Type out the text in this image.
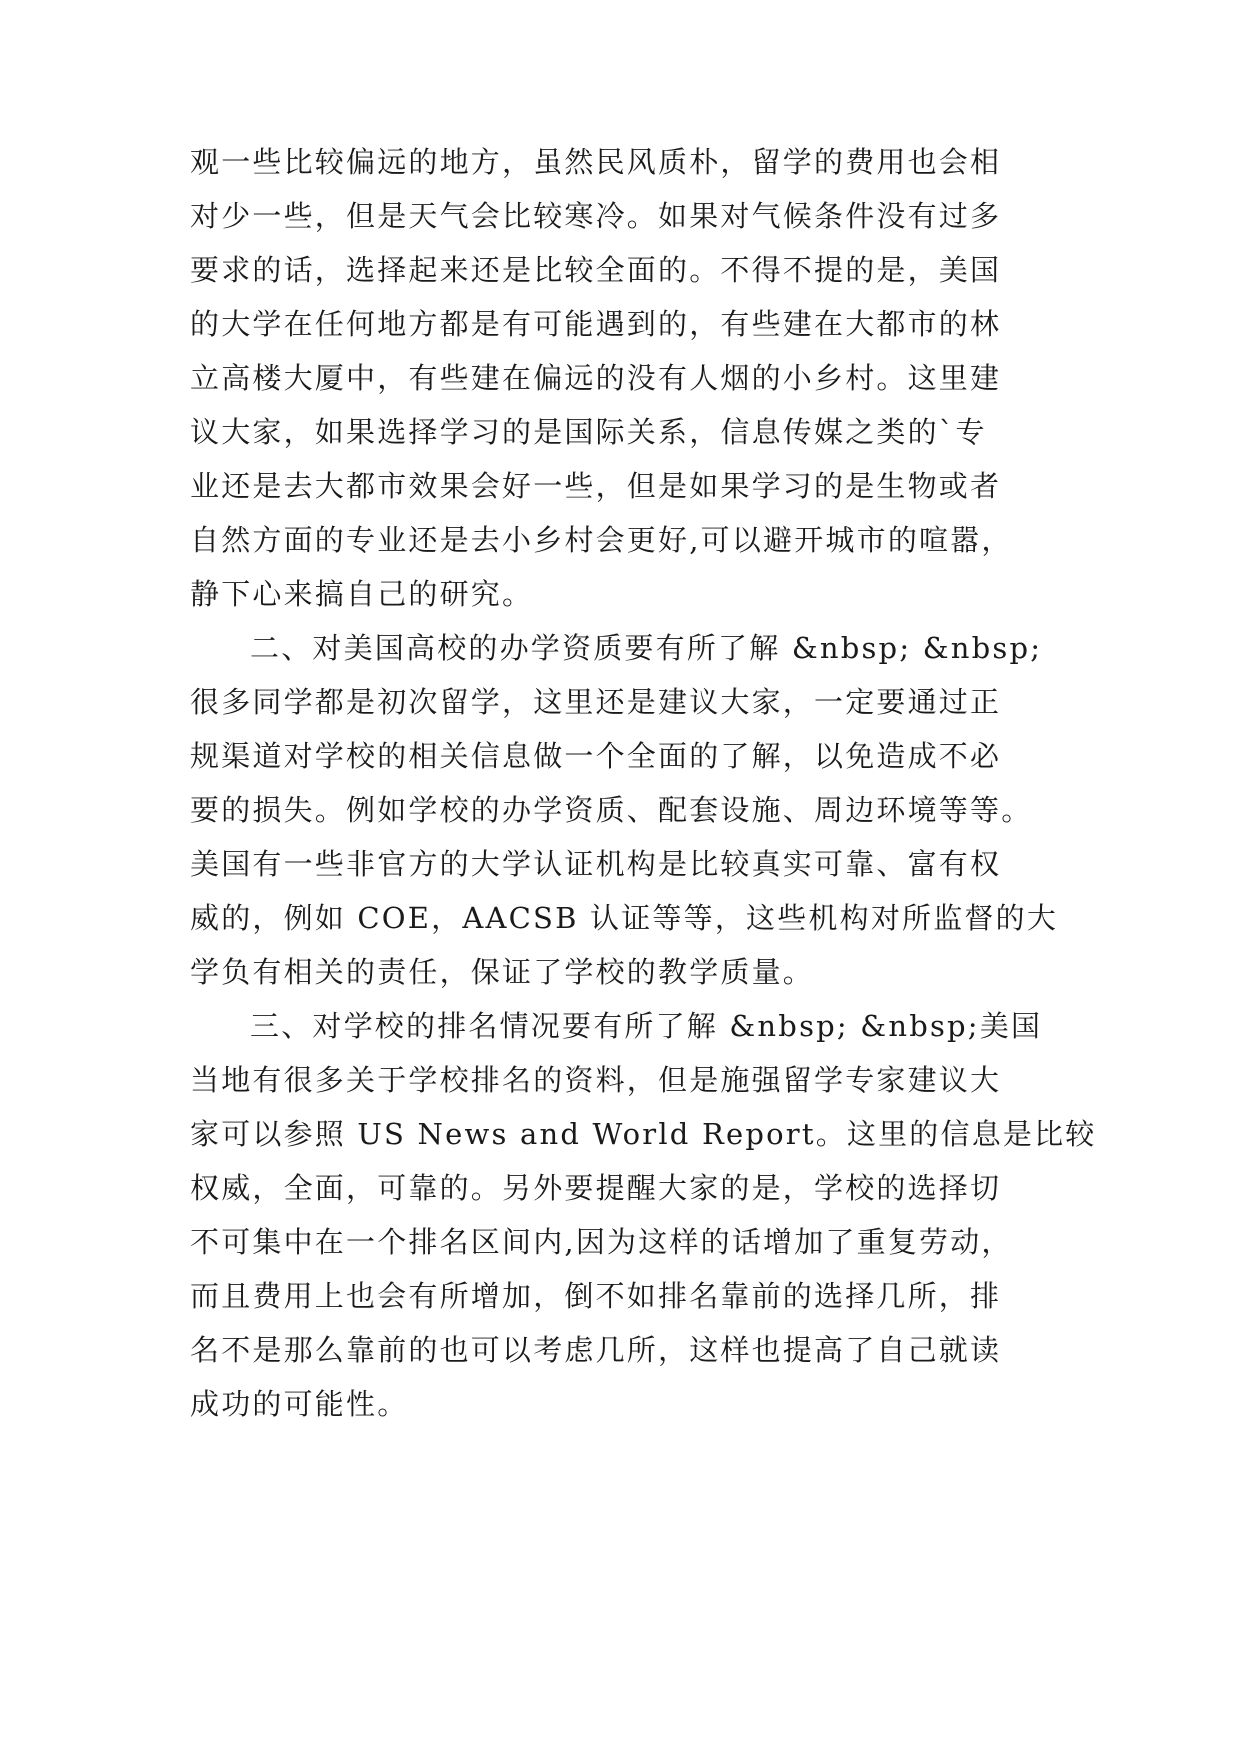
观一些比较偏远的地方，虽然民风质朴，留学的费用也会相
对少一些，但是天气会比较寒冷。如果对气候条件没有过多
要求的话，选择起来还是比较全面的。不得不提的是，美国
的大学在任何地方都是有可能遇到的，有些建在大都市的林
立高楼大厦中，有些建在偏远的没有人烟的小乡村。这里建
议大家，如果选择学习的是国际关系，信息传媒之类的`专
业还是去大都市效果会好一些，但是如果学习的是生物或者
自然方面的专业还是去小乡村会更好,可以避开城市的喧嚣，
静下心来搞自己的研究。
二、对美国高校的办学资质要有所了解 &nbsp; &nbsp;
很多同学都是初次留学，这里还是建议大家，一定要通过正
规渠道对学校的相关信息做一个全面的了解，以免造成不必
要的损失。例如学校的办学资质、配套设施、周边环境等等。
美国有一些非官方的大学认证机构是比较真实可靠、富有权
威的，例如 COE，AACSB 认证等等，这些机构对所监督的大
学负有相关的责任，保证了学校的教学质量。
三、对学校的排名情况要有所了解 &nbsp; &nbsp;美国
当地有很多关于学校排名的资料，但是施强留学专家建议大
家可以参照 US News and World Report。这里的信息是比较
权威，全面，可靠的。另外要提醒大家的是，学校的选择切
不可集中在一个排名区间内,因为这样的话增加了重复劳动，
而且费用上也会有所增加，倒不如排名靠前的选择几所，排
名不是那么靠前的也可以考虑几所，这样也提高了自己就读
成功的可能性。
